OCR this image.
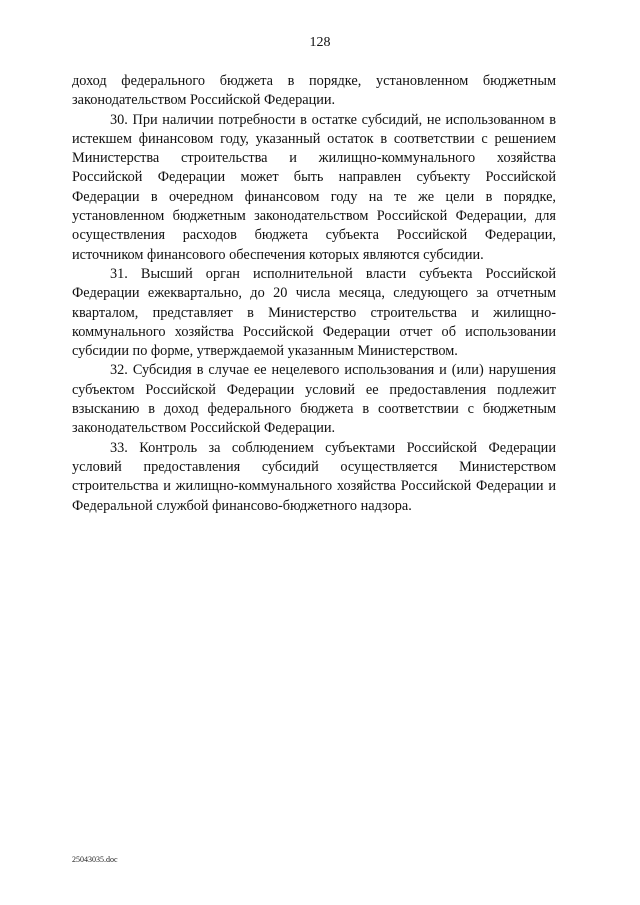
128

доход федерального бюджета в порядке, установленном бюджетным законодательством Российской Федерации.

30. При наличии потребности в остатке субсидий, не использованном в истекшем финансовом году, указанный остаток в соответствии с решением Министерства строительства и жилищно-коммунального хозяйства Российской Федерации может быть направлен субъекту Российской Федерации в очередном финансовом году на те же цели в порядке, установленном бюджетным законодательством Российской Федерации, для осуществления расходов бюджета субъекта Российской Федерации, источником финансового обеспечения которых являются субсидии.

31. Высший орган исполнительной власти субъекта Российской Федерации ежеквартально, до 20 числа месяца, следующего за отчетным кварталом, представляет в Министерство строительства и жилищно-коммунального хозяйства Российской Федерации отчет об использовании субсидии по форме, утверждаемой указанным Министерством.

32. Субсидия в случае ее нецелевого использования и (или) нарушения субъектом Российской Федерации условий ее предоставления подлежит взысканию в доход федерального бюджета в соответствии с бюджетным законодательством Российской Федерации.

33. Контроль за соблюдением субъектами Российской Федерации условий предоставления субсидий осуществляется Министерством строительства и жилищно-коммунального хозяйства Российской Федерации и Федеральной службой финансово-бюджетного надзора.

25043035.doc
